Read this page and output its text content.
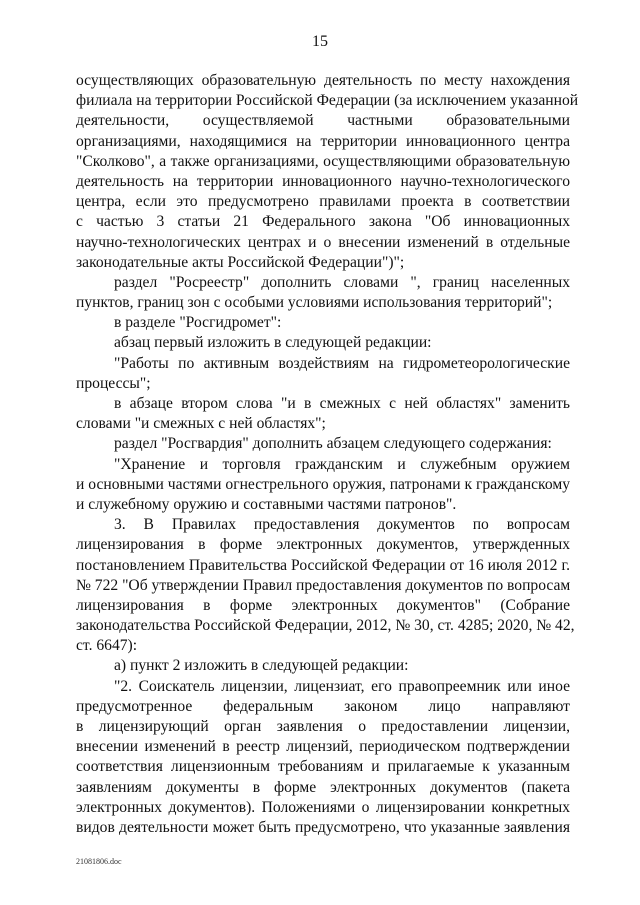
15
осуществляющих образовательную деятельность по месту нахождения
филиала на территории Российской Федерации (за исключением указанной
деятельности, осуществляемой частными образовательными
организациями, находящимися на территории инновационного центра
"Сколково", а также организациями, осуществляющими образовательную
деятельность на территории инновационного научно-технологического
центра, если это предусмотрено правилами проекта в соответствии
с частью 3 статьи 21 Федерального закона "Об инновационных
научно-технологических центрах и о внесении изменений в отдельные
законодательные акты Российской Федерации")";
раздел "Росреестр" дополнить словами ", границ населенных
пунктов, границ зон с особыми условиями использования территорий";
в разделе "Росгидромет":
абзац первый изложить в следующей редакции:
"Работы по активным воздействиям на гидрометеорологические
процессы";
в абзаце втором слова "и в смежных с ней областях" заменить
словами "и смежных с ней областях";
раздел "Росгвардия" дополнить абзацем следующего содержания:
"Хранение и торговля гражданским и служебным оружием
и основными частями огнестрельного оружия, патронами к гражданскому
и служебному оружию и составными частями патронов".
3. В Правилах предоставления документов по вопросам
лицензирования в форме электронных документов, утвержденных
постановлением Правительства Российской Федерации от 16 июля 2012 г.
№ 722 "Об утверждении Правил предоставления документов по вопросам
лицензирования в форме электронных документов" (Собрание
законодательства Российской Федерации, 2012, № 30, ст. 4285; 2020, № 42,
ст. 6647):
а) пункт 2 изложить в следующей редакции:
"2. Соискатель лицензии, лицензиат, его правопреемник или иное
предусмотренное федеральным законом лицо направляют
в лицензирующий орган заявления о предоставлении лицензии,
внесении изменений в реестр лицензий, периодическом подтверждении
соответствия лицензионным требованиям и прилагаемые к указанным
заявлениям документы в форме электронных документов (пакета
электронных документов). Положениями о лицензировании конкретных
видов деятельности может быть предусмотрено, что указанные заявления
21081806.doc
